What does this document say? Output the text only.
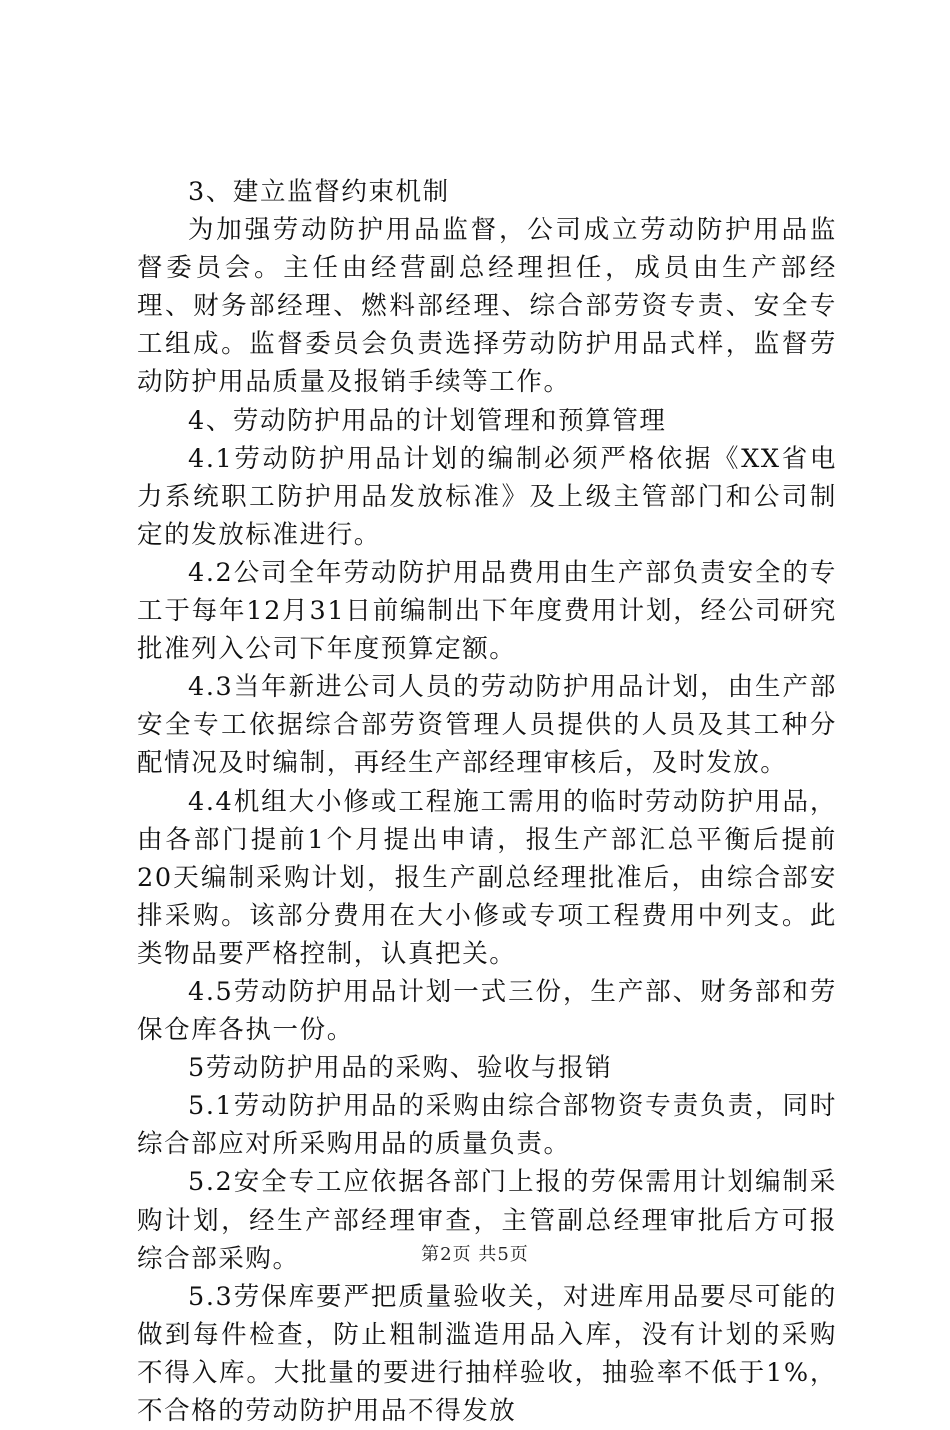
3、建立监督约束机制

为加强劳动防护用品监督，公司成立劳动防护用品监督委员会。主任由经营副总经理担任，成员由生产部经理、财务部经理、燃料部经理、综合部劳资专责、安全专工组成。监督委员会负责选择劳动防护用品式样，监督劳动防护用品质量及报销手续等工作。

4、劳动防护用品的计划管理和预算管理

4.1劳动防护用品计划的编制必须严格依据《XX省电力系统职工防护用品发放标准》及上级主管部门和公司制定的发放标准进行。

4.2公司全年劳动防护用品费用由生产部负责安全的专工于每年12月31日前编制出下年度费用计划，经公司研究批准列入公司下年度预算定额。

4.3当年新进公司人员的劳动防护用品计划，由生产部安全专工依据综合部劳资管理人员提供的人员及其工种分配情况及时编制，再经生产部经理审核后，及时发放。

4.4机组大小修或工程施工需用的临时劳动防护用品，由各部门提前1个月提出申请，报生产部汇总平衡后提前20天编制采购计划，报生产副总经理批准后，由综合部安排采购。该部分费用在大小修或专项工程费用中列支。此类物品要严格控制，认真把关。

4.5劳动防护用品计划一式三份，生产部、财务部和劳保仓库各执一份。

5劳动防护用品的采购、验收与报销

5.1劳动防护用品的采购由综合部物资专责负责，同时综合部应对所采购用品的质量负责。

5.2安全专工应依据各部门上报的劳保需用计划编制采购计划，经生产部经理审查，主管副总经理审批后方可报综合部采购。

5.3劳保库要严把质量验收关，对进库用品要尽可能的做到每件检查，防止粗制滥造用品入库，没有计划的采购不得入库。大批量的要进行抽样验收，抽验率不低于1%，不合格的劳动防护用品不得发放

第2页 共5页
